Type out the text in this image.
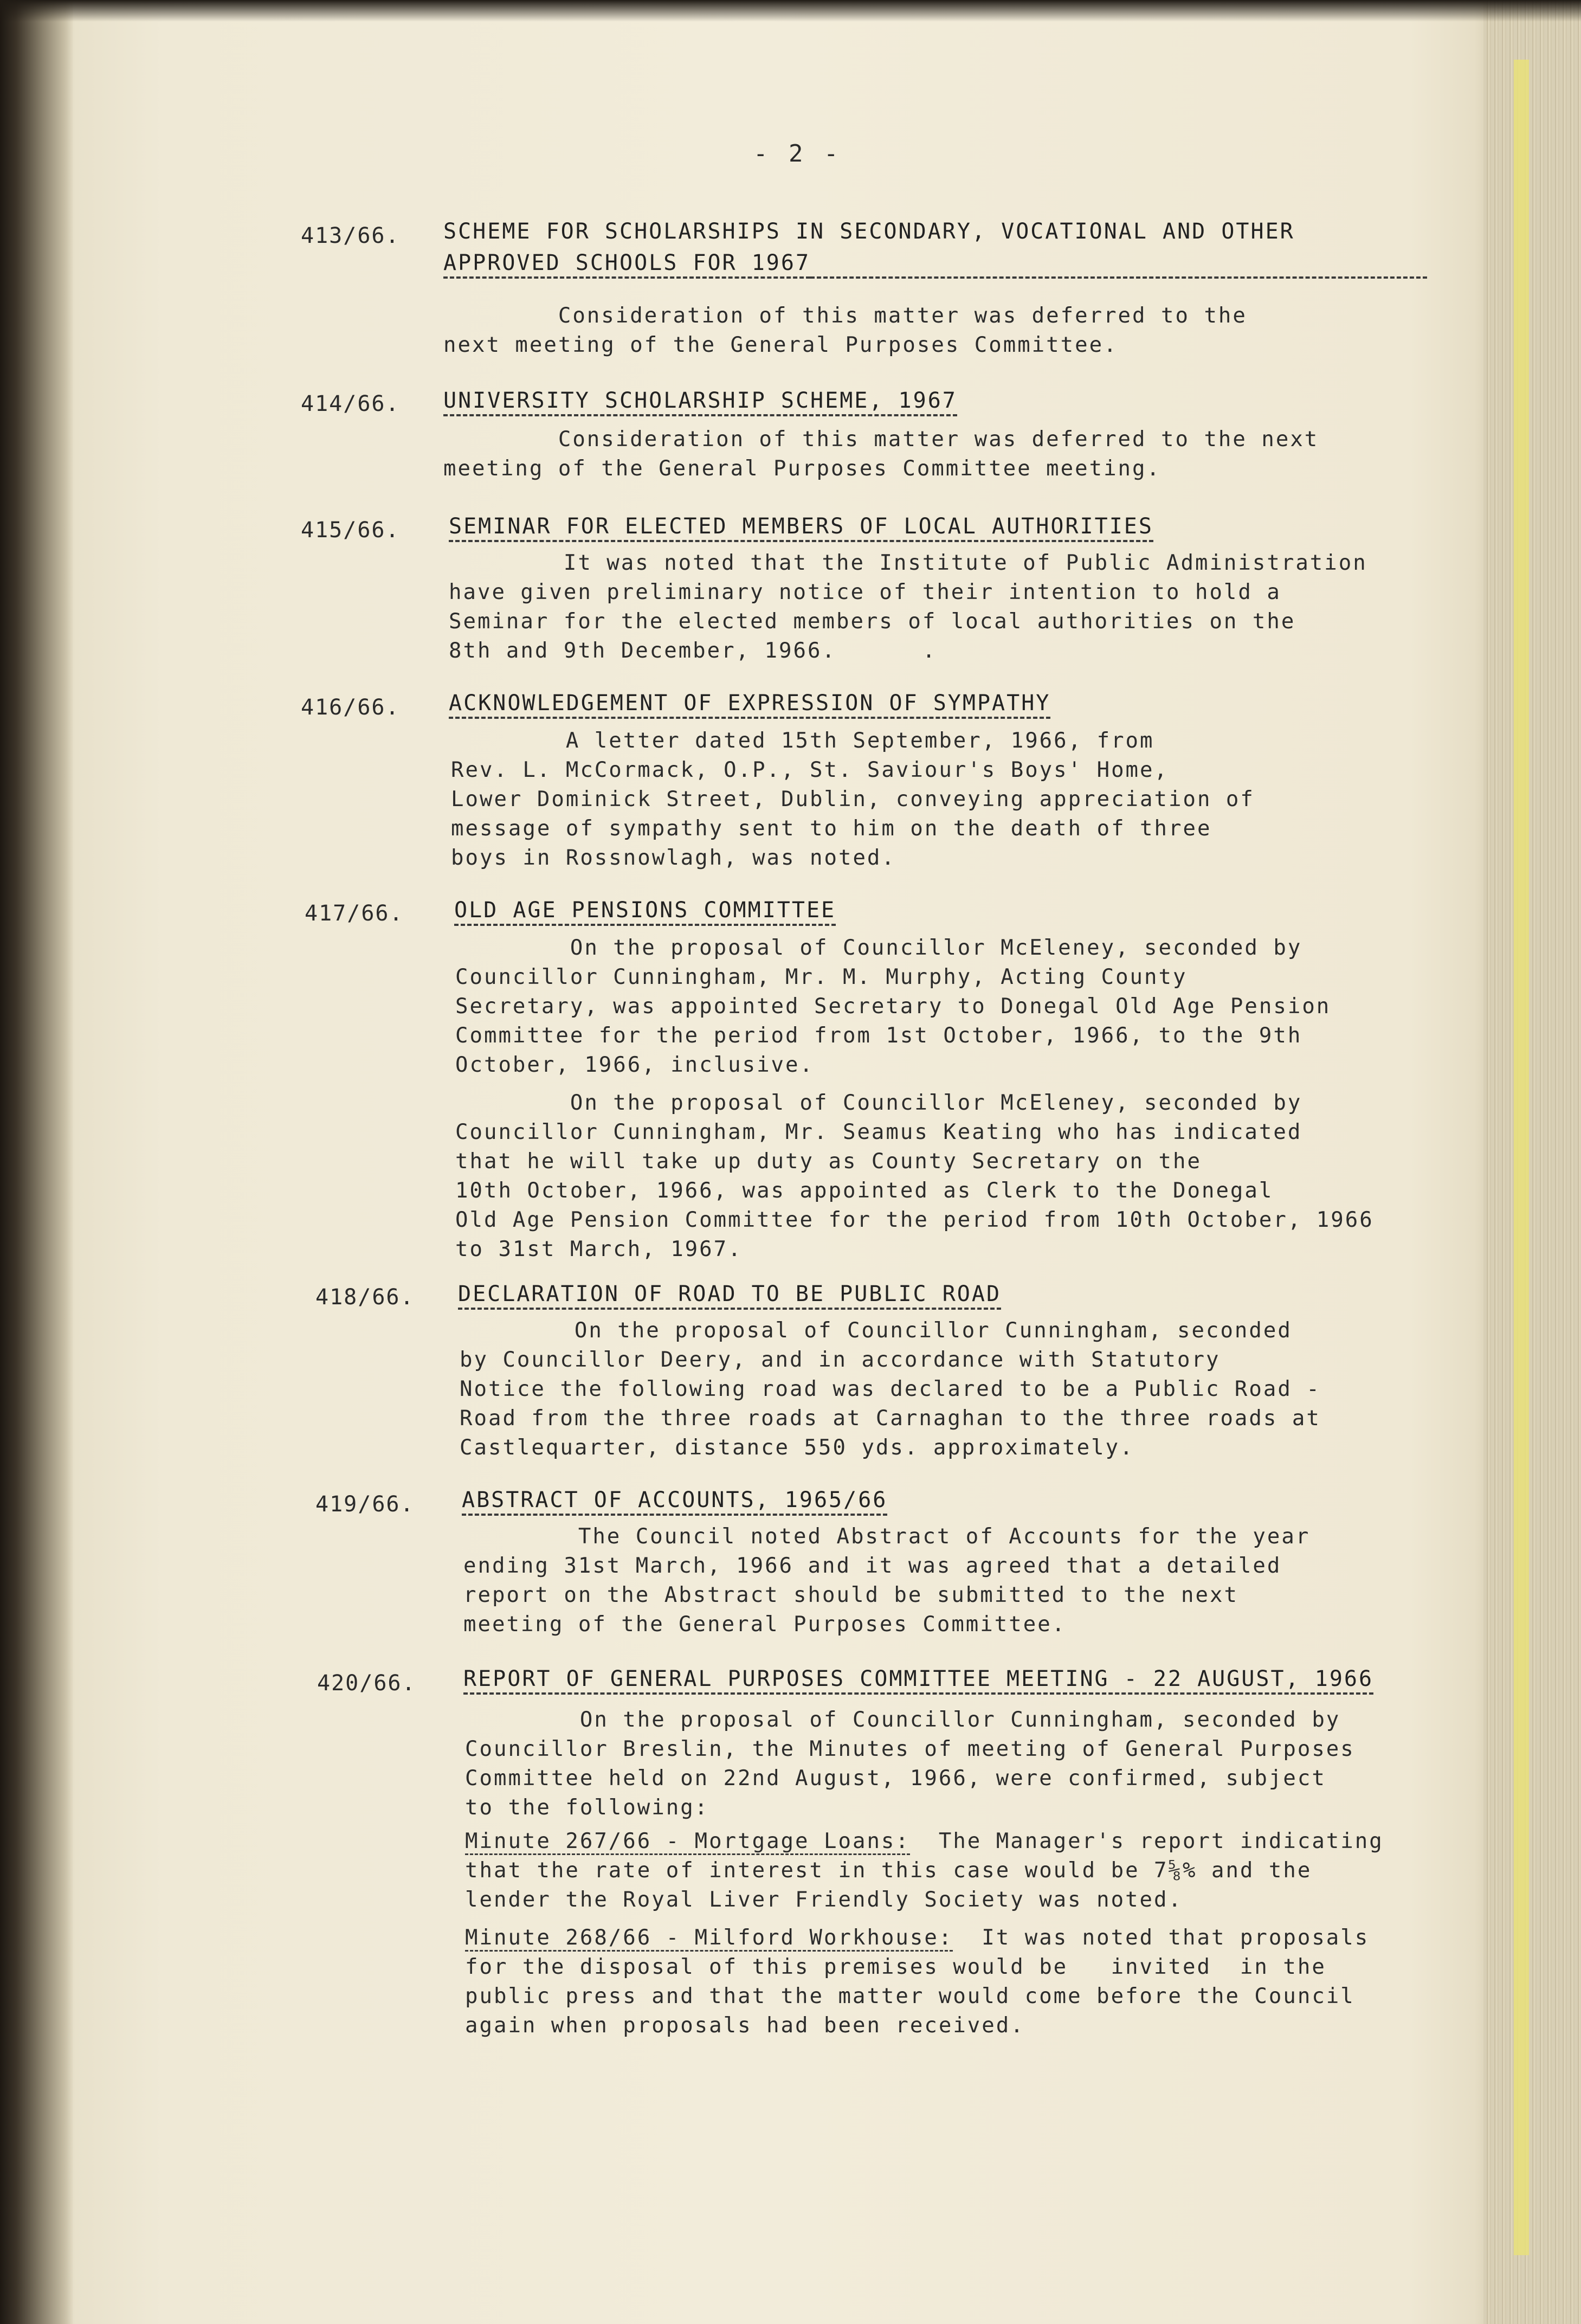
- 2 -
413/66. SCHEME FOR SCHOLARSHIPS IN SECONDARY, VOCATIONAL AND OTHER
APPROVED SCHOOLS FOR 1967
Consideration of this matter was deferred to the
next meeting of the General Purposes Committee.
414/66. UNIVERSITY SCHOLARSHIP SCHEME, 1967
Consideration of this matter was deferred to the next
meeting of the General Purposes Committee meeting.
415/66. SEMINAR FOR ELECTED MEMBERS OF LOCAL AUTHORITIES
It was noted that the Institute of Public Administration
have given preliminary notice of their intention to hold a
Seminar for the elected members of local authorities on the
8th and 9th December, 1966.      .
416/66. ACKNOWLEDGEMENT OF EXPRESSION OF SYMPATHY
A letter dated 15th September, 1966, from
Rev. L. McCormack, O.P., St. Saviour's Boys' Home,
Lower Dominick Street, Dublin, conveying appreciation of
message of sympathy sent to him on the death of three
boys in Rossnowlagh, was noted.
417/66. OLD AGE PENSIONS COMMITTEE
On the proposal of Councillor McEleney, seconded by
Councillor Cunningham, Mr. M. Murphy, Acting County
Secretary, was appointed Secretary to Donegal Old Age Pension
Committee for the period from 1st October, 1966, to the 9th
October, 1966, inclusive.
On the proposal of Councillor McEleney, seconded by
Councillor Cunningham, Mr. Seamus Keating who has indicated
that he will take up duty as County Secretary on the
10th October, 1966, was appointed as Clerk to the Donegal
Old Age Pension Committee for the period from 10th October, 1966
to 31st March, 1967.
418/66. DECLARATION OF ROAD TO BE PUBLIC ROAD
On the proposal of Councillor Cunningham, seconded
by Councillor Deery, and in accordance with Statutory
Notice the following road was declared to be a Public Road -
Road from the three roads at Carnaghan to the three roads at
Castlequarter, distance 550 yds. approximately.
419/66. ABSTRACT OF ACCOUNTS, 1965/66
The Council noted Abstract of Accounts for the year
ending 31st March, 1966 and it was agreed that a detailed
report on the Abstract should be submitted to the next
meeting of the General Purposes Committee.
420/66. REPORT OF GENERAL PURPOSES COMMITTEE MEETING - 22 AUGUST, 1966
On the proposal of Councillor Cunningham, seconded by
Councillor Breslin, the Minutes of meeting of General Purposes
Committee held on 22nd August, 1966, were confirmed, subject
to the following:
Minute 267/66 - Mortgage Loans:  The Manager's report indicating
that the rate of interest in this case would be 7⅝% and the
lender the Royal Liver Friendly Society was noted.
Minute 268/66 - Milford Workhouse:  It was noted that proposals
for the disposal of this premises would be   invited  in the
public press and that the matter would come before the Council
again when proposals had been received.
